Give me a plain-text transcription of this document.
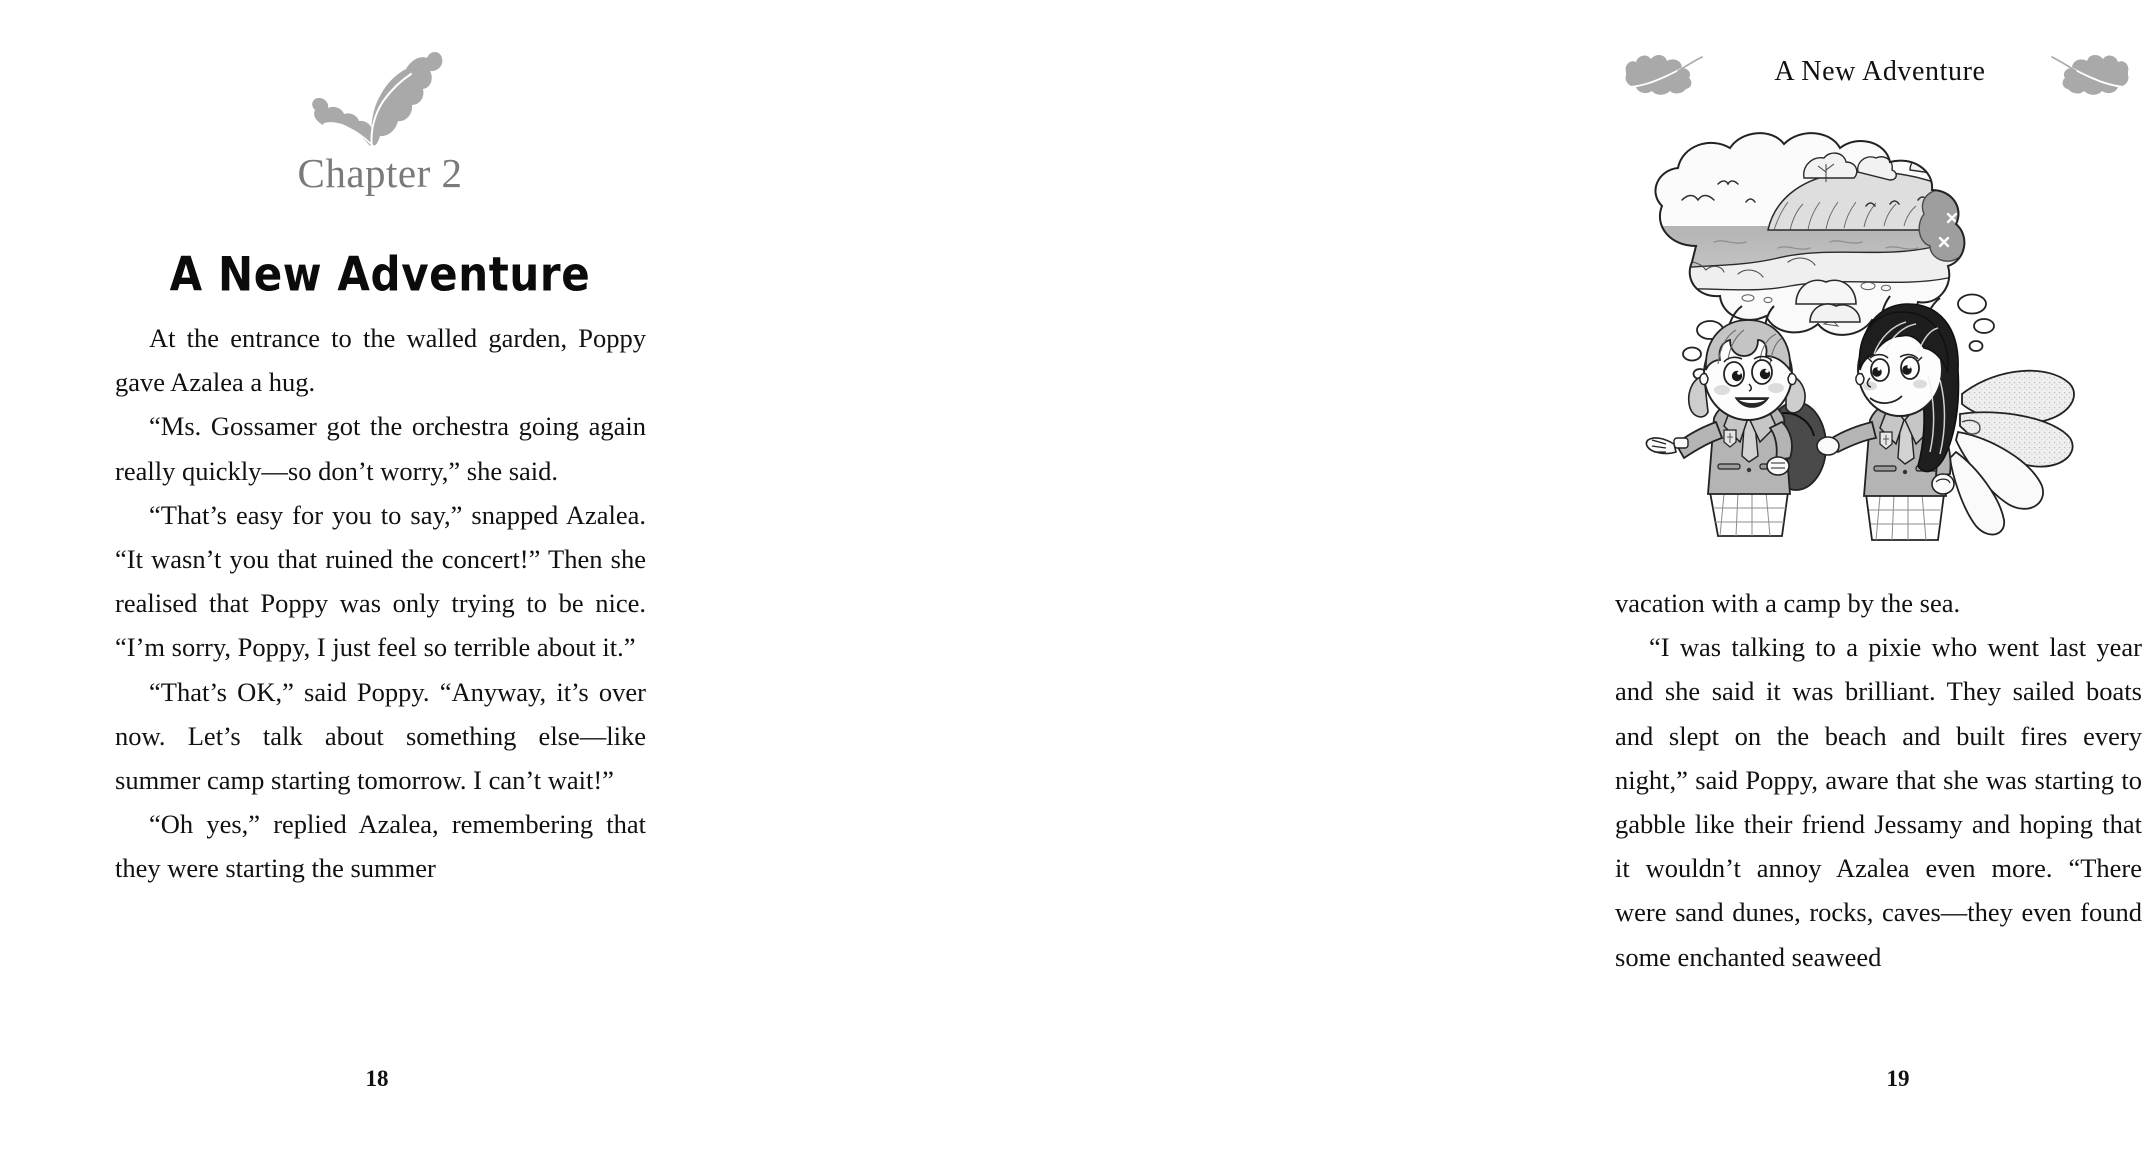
Chapter 2
A New Adventure

At the entrance to the walled garden, Poppy gave Azalea a hug.

“Ms. Gossamer got the orchestra going again really quickly—so don’t worry,” she said.

“That’s easy for you to say,” snapped Azalea. “It wasn’t you that ruined the concert!” Then she realised that Poppy was only trying to be nice. “I’m sorry, Poppy, I just feel so terrible about it.”

“That’s OK,” said Poppy. “Anyway, it’s over now. Let’s talk about something else—like summer camp starting tomorrow. I can’t wait!”

“Oh yes,” replied Azalea, remembering that they were starting the summer

18
A New Adventure

vacation with a camp by the sea.

“I was talking to a pixie who went last year and she said it was brilliant. They sailed boats and slept on the beach and built fires every night,” said Poppy, aware that she was starting to gabble like their friend Jessamy and hoping that it wouldn’t annoy Azalea even more. “There were sand dunes, rocks, caves—they even found some enchanted seaweed

19
